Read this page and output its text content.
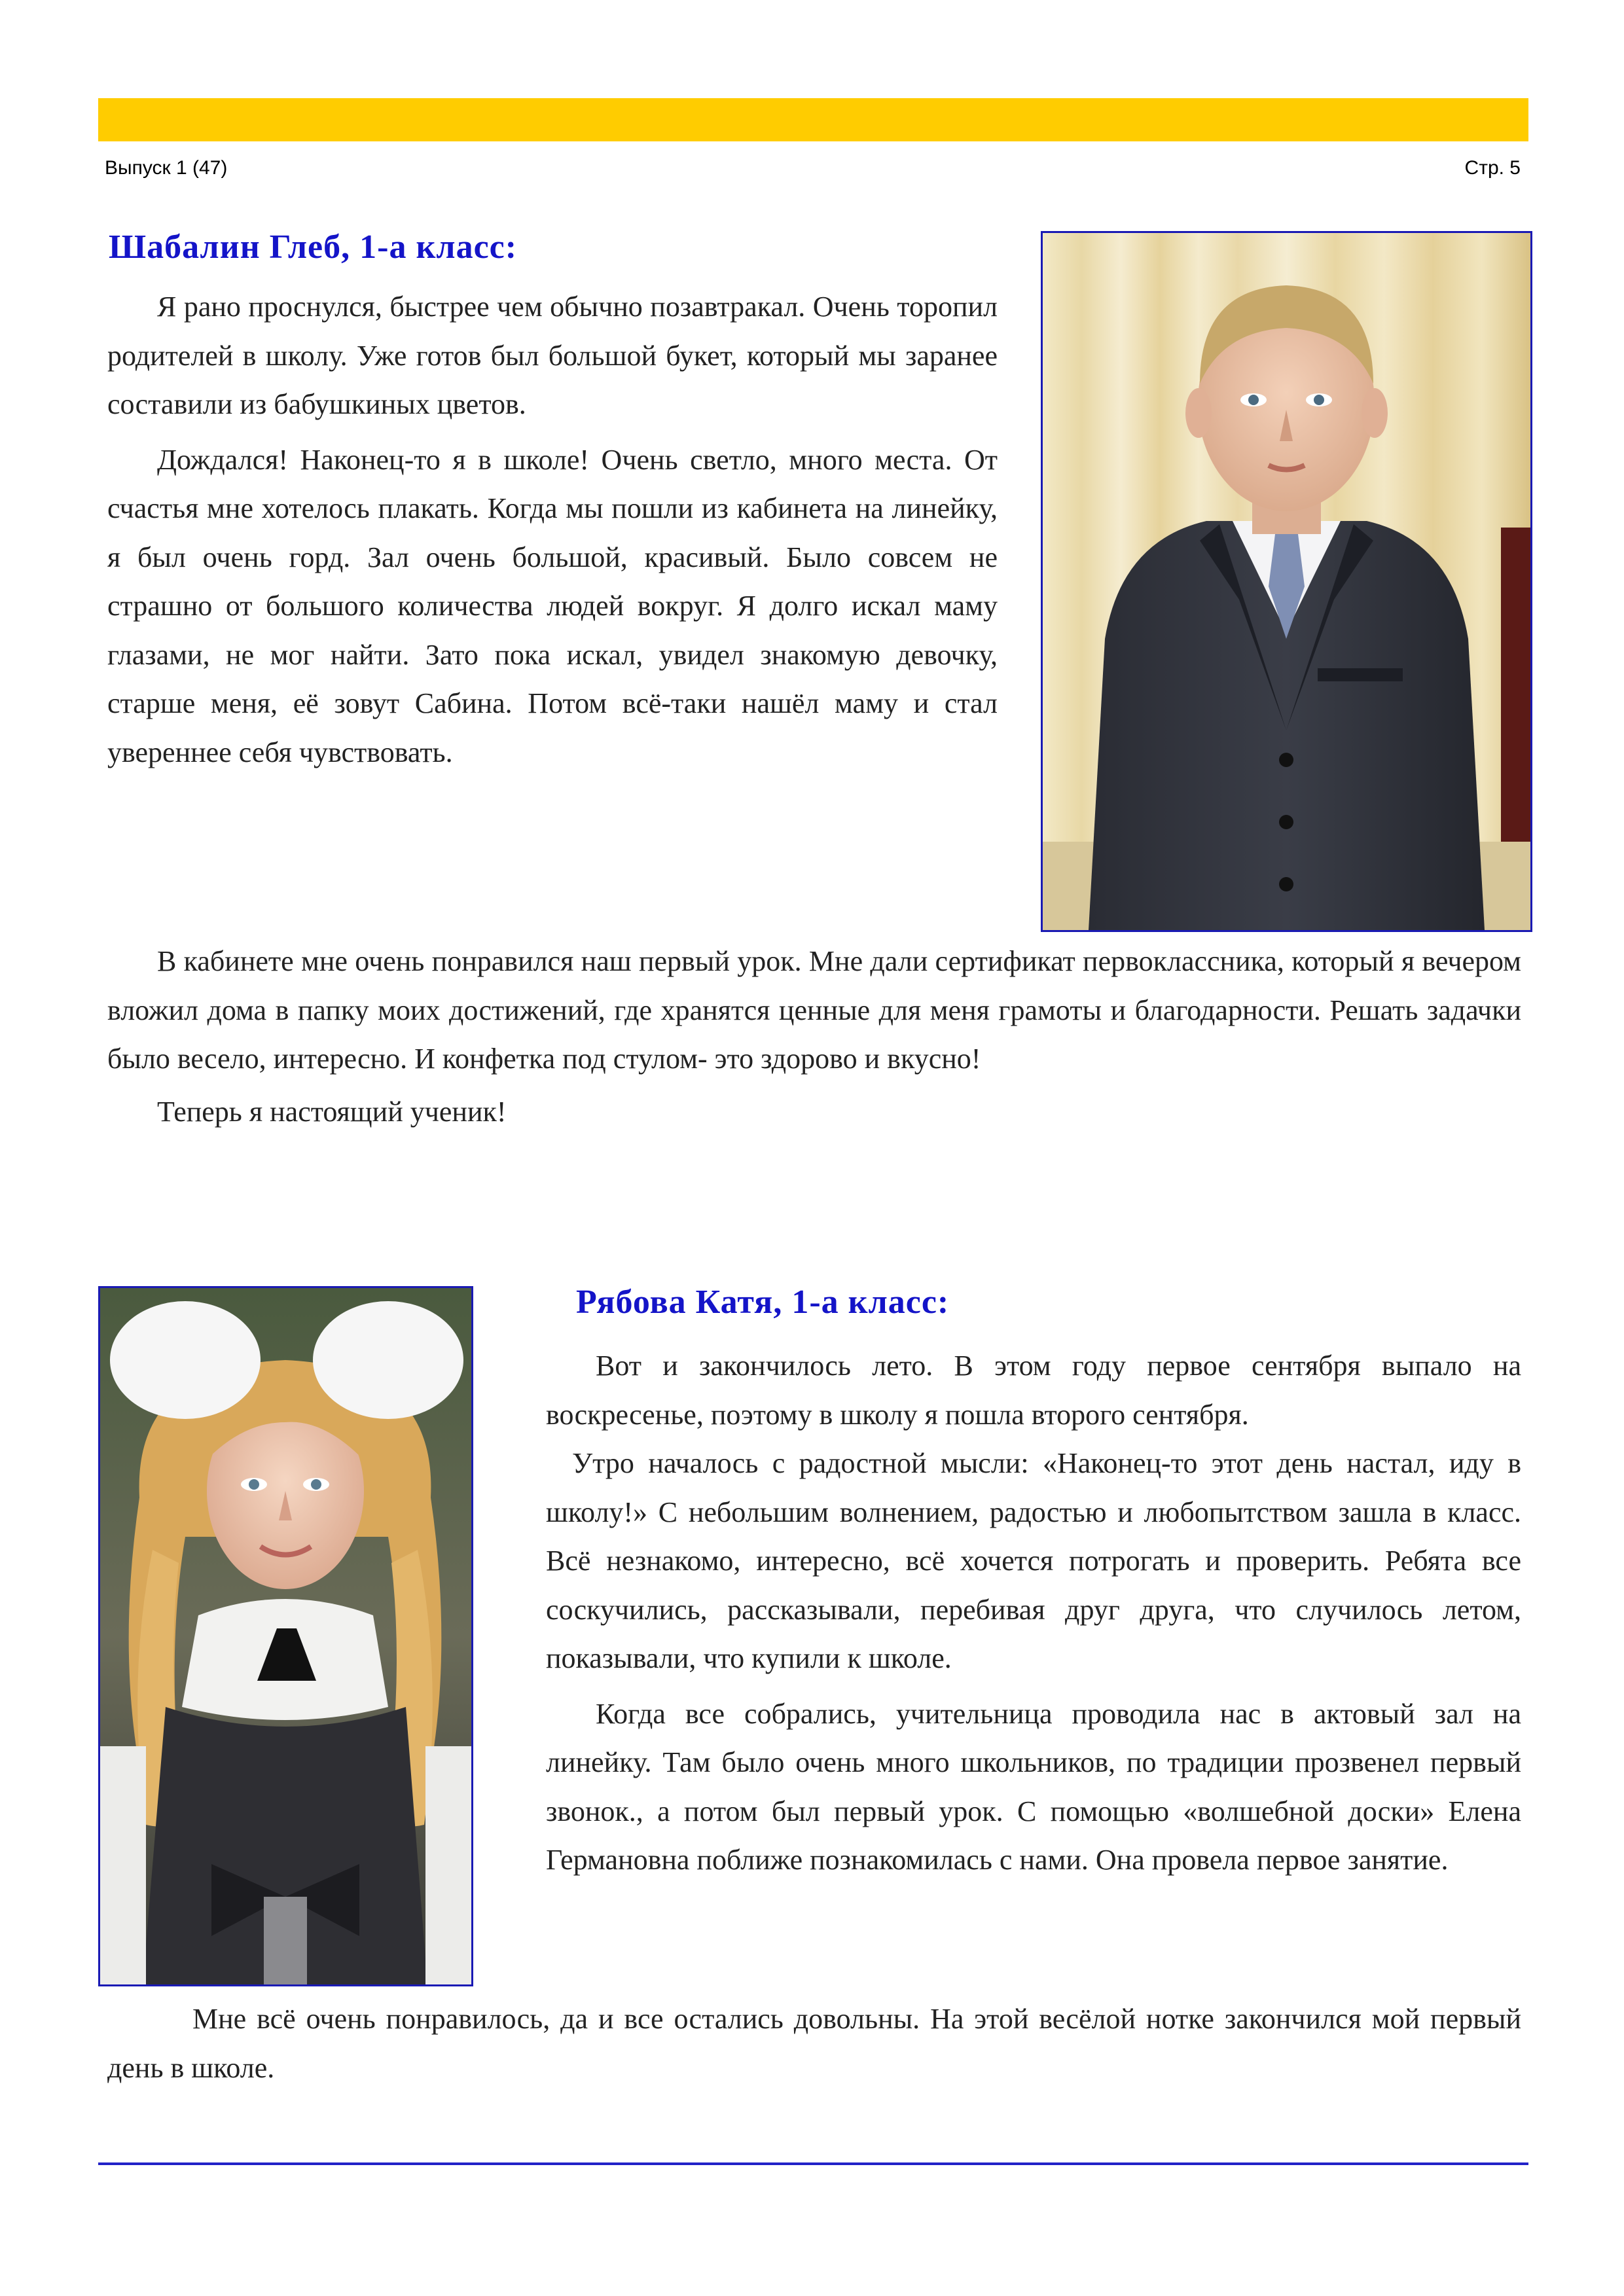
Выпуск 1 (47)	Стр. 5
Шабалин Глеб, 1-а класс:

Я рано проснулся, быстрее чем обычно позавтракал. Очень торопил родителей в школу. Уже готов был большой букет, который мы заранее составили из бабушкиных цветов.

Дождался! Наконец-то я в школе! Очень светло, много места. От счастья мне хотелось плакать. Когда мы пошли из кабинета на линейку, я был очень горд. Зал очень большой, красивый. Было совсем не страшно от большого количества людей вокруг. Я долго искал маму глазами, не мог найти. Зато пока искал, увидел знакомую девочку, старше меня, её зовут Сабина. Потом всё-таки нашёл маму и стал увереннее себя чувствовать.

В кабинете мне очень понравился наш первый урок. Мне дали сертификат первоклассника, который я вечером вложил дома в папку моих достижений, где хранятся ценные для меня грамоты и благодарности. Решать задачки было весело, интересно. И конфетка под стулом- это здорово и вкусно!

Теперь я настоящий ученик!

Рябова Катя, 1-а класс:

Вот и закончилось лето. В этом году первое сентября выпало на воскресенье, поэтому в школу я пошла второго сентября.

Утро началось с радостной мысли: «Наконец-то этот день настал, иду в школу!» С небольшим волнением, радостью и любопытством зашла в класс. Всё незнакомо, интересно, всё хочется потрогать и проверить. Ребята все соскучились, рассказывали, перебивая друг друга, что случилось летом, показывали, что купили к школе.

Когда все собрались, учительница проводила нас в актовый зал на линейку. Там было очень много школьников, по традиции прозвенел первый звонок., а потом был первый урок. С помощью «волшебной доски» Елена Германовна поближе познакомилась с нами. Она провела первое занятие.

Мне всё очень понравилось, да и все остались довольны. На этой весёлой нотке закончился мой первый день в школе.
